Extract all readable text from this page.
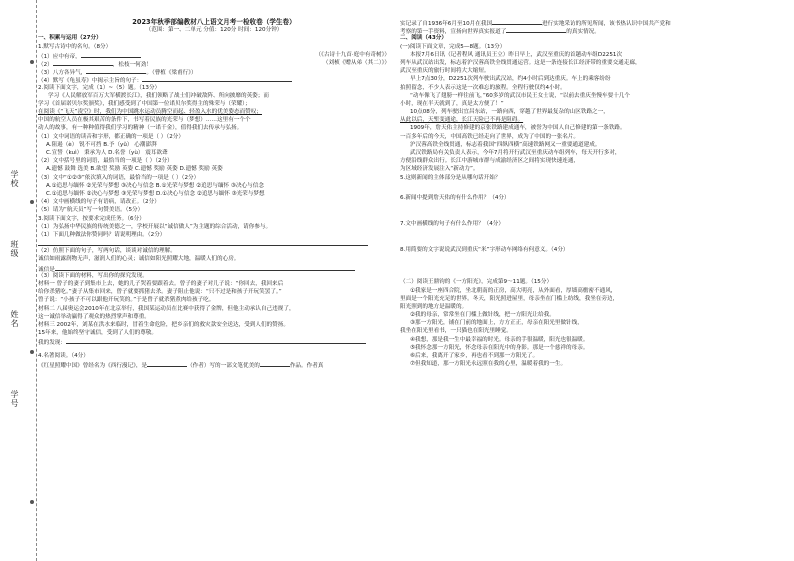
学校
班级
姓名
学号
2023年秋季部编教材八上语文月考一检收卷（学生卷）
（范围：第一、二单元 分值：120分 时间：120分钟）
一、积累与运用（27分）
1.默写古诗中的名句。（8分）
（1）应中有帝，	（《古诗十九首·庭中有奇树》）
（2）	，松枝一何劲！	（刘桢《赠从弟（其二）》）
（3）八方各异气，	。（曹植《梁甫行》）
（4）默写《龟虽寿》中揭示主旨的句子：
2.阅读下面文字，完成（1）~（5）题。（13分）
学习《人民解放军百万大军横渡长江》，我们领略了战士们冲破敌阵、所向披靡的英姿；而
学习《首届诺贝尔奖颁奖》，我们感受到了中国第一位诺贝尔奖得主的殊荣与（荣耀）；
在阅读《“飞天”凌空》时，我们为中国跳水运动员腾空而起、轻盈入水的优美姿态而赞叹；
中国的航空人员在极其艰苦的条件下，书写着民族的光荣与（梦想）……这里有一个个
动人的故事，有一种种值得我们学习的精神（一诺千金），值得我们去传承与弘扬。
（1）文中词语的读音和字形，都正确的一项是（ ）（2分）
A.阻遏（è） 锐不可挡 B.予（yǔ） 心潮澎湃
C.宣誓（kuì） 秉承为人 D.名誉（yù） 震耳欲聋
（2）文中括号里的词语，最恰当的一项是（ ）（2分）
A.遗憾 鼓舞 选美 B.欲望 奖励 英姿 C.遗憾 奖励 英姿 D.遗憾 奖励 英姿
（3）文中“①②③”依次填入的词语，最恰当的一项是（ ）（2分）
A.①追思与缅怀 ②光荣与梦想 ③决心与信念 B.①光荣与梦想 ②追思与缅怀 ③决心与信念
C.①追思与缅怀 ②决心与梦想 ③光荣与梦想 D.①决心与信念 ②追思与缅怀 ③光荣与梦想
（4）文中画横线的句子有语病，请改正。（2分）
（5）请为“航天员”写一句赞美语。（5分）
3.阅读下面文字，按要求完成任务。（6分）
（1）为弘扬中华民族的传统美德之一，学校开展以“诚信做人”为主题的综合活动，请你参与。
（1）下面几种做法你赞同吗？请说明理由。（2分）
（2）仿照下面的句子，写两句话，谈谈对诚信的理解。
诚信如雨露润物无声，滋润人们的心灵；诚信如阳光照耀大地，温暖人们的心房。
诚信是
（3）阅读下面的材料，写出你的探究发现。
材料一 曾子的妻子到集市上去，她的儿子哭着要跟着去。曾子的妻子对儿子说：“你回去，我回来后
给你杀猪吃。”妻子从集市回来，曾子就要抓猪去杀。妻子阻止他说：“只不过是和孩子开玩笑罢了。”
曾子说：“小孩子不可以跟他开玩笑的。”于是曾子就杀猪煮肉给孩子吃。
材料二 八届奥运会2010年在北京举行，我国某运动员在比赛中获得了金牌，但他主动承认自己违规了，
这一诚信举动赢得了观众的热烈掌声和尊重。
材料三 2002年，刘某在洪水来临时，冒着生命危险，把乡亲们的救灾款安全送达，受到人们的赞扬。
15年来，他始终坚守诚信，受到了人们的尊敬。
我的发现：
4.名著阅读。（4分）
《红星照耀中国》曾经名为《西行漫记》，是	（作者）写的一部文笔优美的	作品。作者真
实记录了自1936年6月至10月在我国	进行实地采访的所见所闻，该书热认识中国共产党和
考察的第一手资料，宣扬向世界真实报道了	的真实情况。
二、阅读（43分）
(一)阅读下面文章，完成5—8题。（13分）
本报7月6日讯（记者程风 通讯员王立）昨日早上，武汉至重庆的首趟动车组D2251次
列车从武汉站出发，标志着沪汉蓉高铁全线贯通运营。这是一条连接长江经济带的重要交通走廊，
武汉至重庆的旅行时间将大大缩短。
早上7点30分，D2251次列车驶出武汉站，约4小时后到达重庆。车上的乘客纷纷
拍照留念，不少人表示这是一次难忘的旅程。全程行驶仅约4小时。
“动车像飞了翅膀一样往前飞，”60多岁的武汉市民王女士说，“以前去重庆坐慢车要十几个
小时，现在半天就到了，真是太方便了！”
10点08分，列车驶出宜昌东站，一路向西，穿越了世界最复杂的山区铁路之一，
从此以后，天堑变通途，长江天险已不再是阻碍。
1909年，詹天佑主持修建的京张铁路建成通车，被誉为中国人自己修建的第一条铁路。
一百多年后的今天，中国高铁已经走向了世界，成为了中国的一张名片。
沪汉蓉高铁全线贯通，标志着我国“四纵四横”高速铁路网又一重要通道建成。
武汉铁路局有关负责人表示，今年7月将开行武汉至重庆动车组列车，每天开行多对，
方便沿线群众出行。长江中游城市群与成渝经济区之间将实现快速连通，
为区域经济发展注入“新动力”。
5.这则新闻的主体部分是从哪句话开始？
6.新闻中提到詹天佑的有什么作用？（4分）
7.文中画横线的句子有什么作用？（4分）
8.用简要的文字说说武汉到重庆“米”字形动车网络有何意义。（4分）
（二）阅读王鼎钧的《一方阳光》，完成第9～11题。（15分）
①我家是一座四合院，坐北朝南的正房，高大明亮，从外面看，厚墙高檐密不通风，
里面是一个阳光充足的世界。冬天，阳光照进屋里，母亲坐在门槛上纺线，我坐在旁边，
阳光照到的地方是温暖的。
②我的母亲，常常坐在门槛上做针线，把一方阳光让给我。
③那一方阳光，铺在门前的地面上，方方正正，母亲在阳光里做针线，
我坐在阳光里看书，一只猫也在阳光里睡觉。
④我想，那是我一生中最幸福的时光。母亲的手很温暖，阳光也很温暖。
⑤我怀念那一方阳光，怀念母亲在阳光中的身影。那是一个慈祥的母亲。
⑥后来，我离开了家乡，再也看不到那一方阳光了。
⑦但我知道，那一方阳光永远照在我的心里，温暖着我的一生。
